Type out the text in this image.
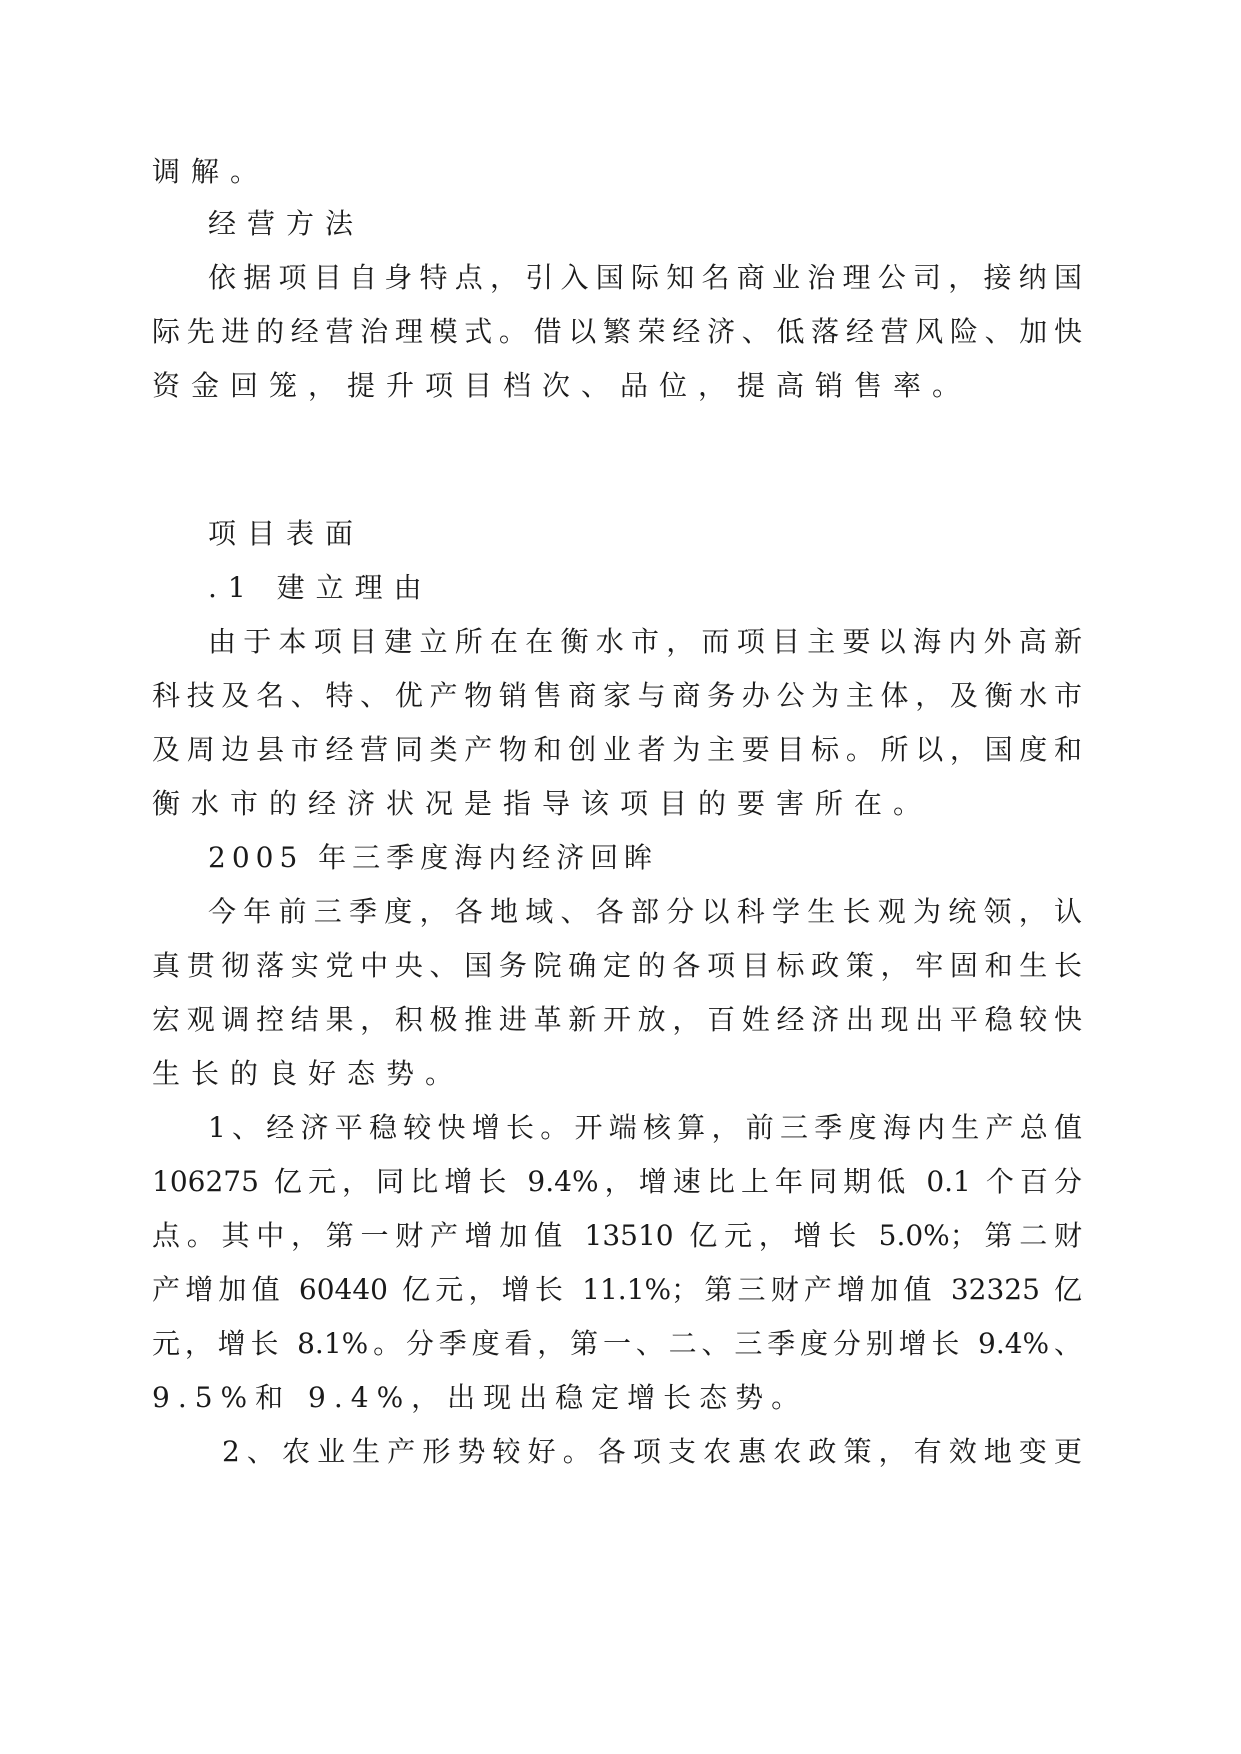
调解。

经营方法

依据项目自身特点，引入国际知名商业治理公司，接纳国

际先进的经营治理模式。借以繁荣经济、低落经营风险、加快

资金回笼，提升项目档次、品位，提高销售率。

项目表面

.1 建立理由

由于本项目建立所在在衡水市，而项目主要以海内外高新

科技及名、特、优产物销售商家与商务办公为主体，及衡水市

及周边县市经营同类产物和创业者为主要目标。所以，国度和

衡水市的经济状况是指导该项目的要害所在。

2005 年三季度海内经济回眸

今年前三季度，各地域、各部分以科学生长观为统领，认

真贯彻落实党中央、国务院确定的各项目标政策，牢固和生长

宏观调控结果，积极推进革新开放，百姓经济出现出平稳较快

生长的良好态势。

1、经济平稳较快增长。开端核算，前三季度海内生产总值

106275 亿元，同比增长 9.4%，增速比上年同期低 0.1 个百分

点。其中，第一财产增加值 13510 亿元，增长 5.0%；第二财

产增加值 60440 亿元，增长 11.1%；第三财产增加值 32325 亿

元，增长 8.1%。分季度看，第一、二、三季度分别增长 9.4%、

9.5%和 9.4%，出现出稳定增长态势。

2、农业生产形势较好。各项支农惠农政策，有效地变更
